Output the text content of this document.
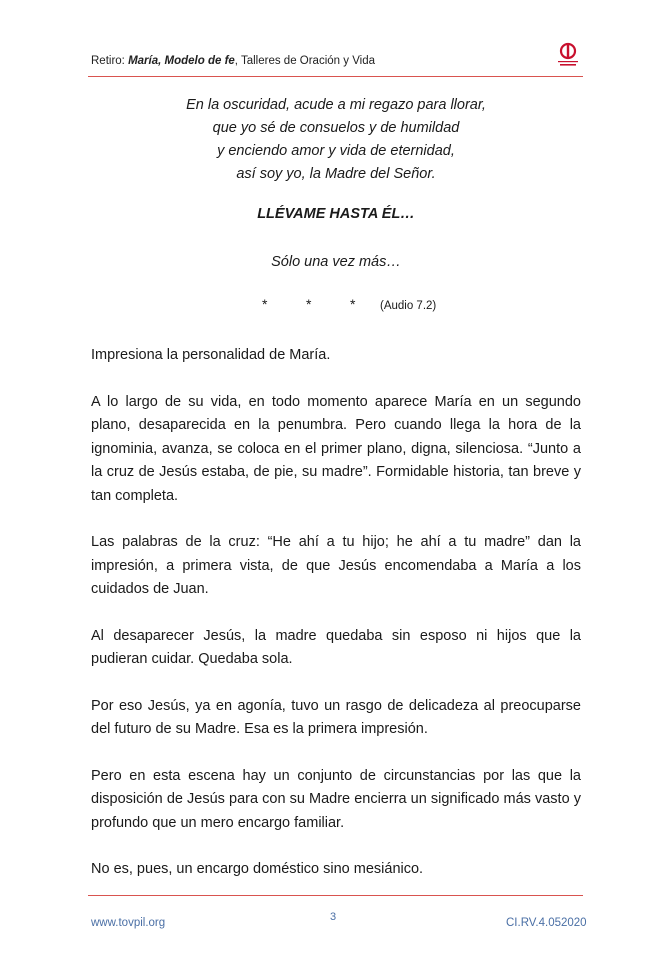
Retiro: María, Modelo de fe, Talleres de Oración y Vida
En la oscuridad, acude a mi regazo para llorar,
que yo sé de consuelos y de humildad
y enciendo amor y vida de eternidad,
así soy yo, la Madre del Señor.
LLÉVAME HASTA ÉL…
Sólo una vez más…
*	*	* (Audio 7.2)

Impresiona la personalidad de María.

A lo largo de su vida, en todo momento aparece María en un segundo plano, desaparecida en la penumbra. Pero cuando llega la hora de la ignominia, avanza, se coloca en el primer plano, digna, silenciosa. “Junto a la cruz de Jesús estaba, de pie, su madre”. Formidable historia, tan breve y tan completa.

Las palabras de la cruz: “He ahí a tu hijo; he ahí a tu madre” dan la impresión, a primera vista, de que Jesús encomendaba a María a los cuidados de Juan.

Al desaparecer Jesús, la madre quedaba sin esposo ni hijos que la pudieran cuidar. Quedaba sola.

Por eso Jesús, ya en agonía, tuvo un rasgo de delicadeza al preocuparse del futuro de su Madre. Esa es la primera impresión.

Pero en esta escena hay un conjunto de circunstancias por las que la disposición de Jesús para con su Madre encierra un significado más vasto y profundo que un mero encargo familiar.

No es, pues, un encargo doméstico sino mesiánico.

www.tovpil.org	3	CI.RV.4.052020
